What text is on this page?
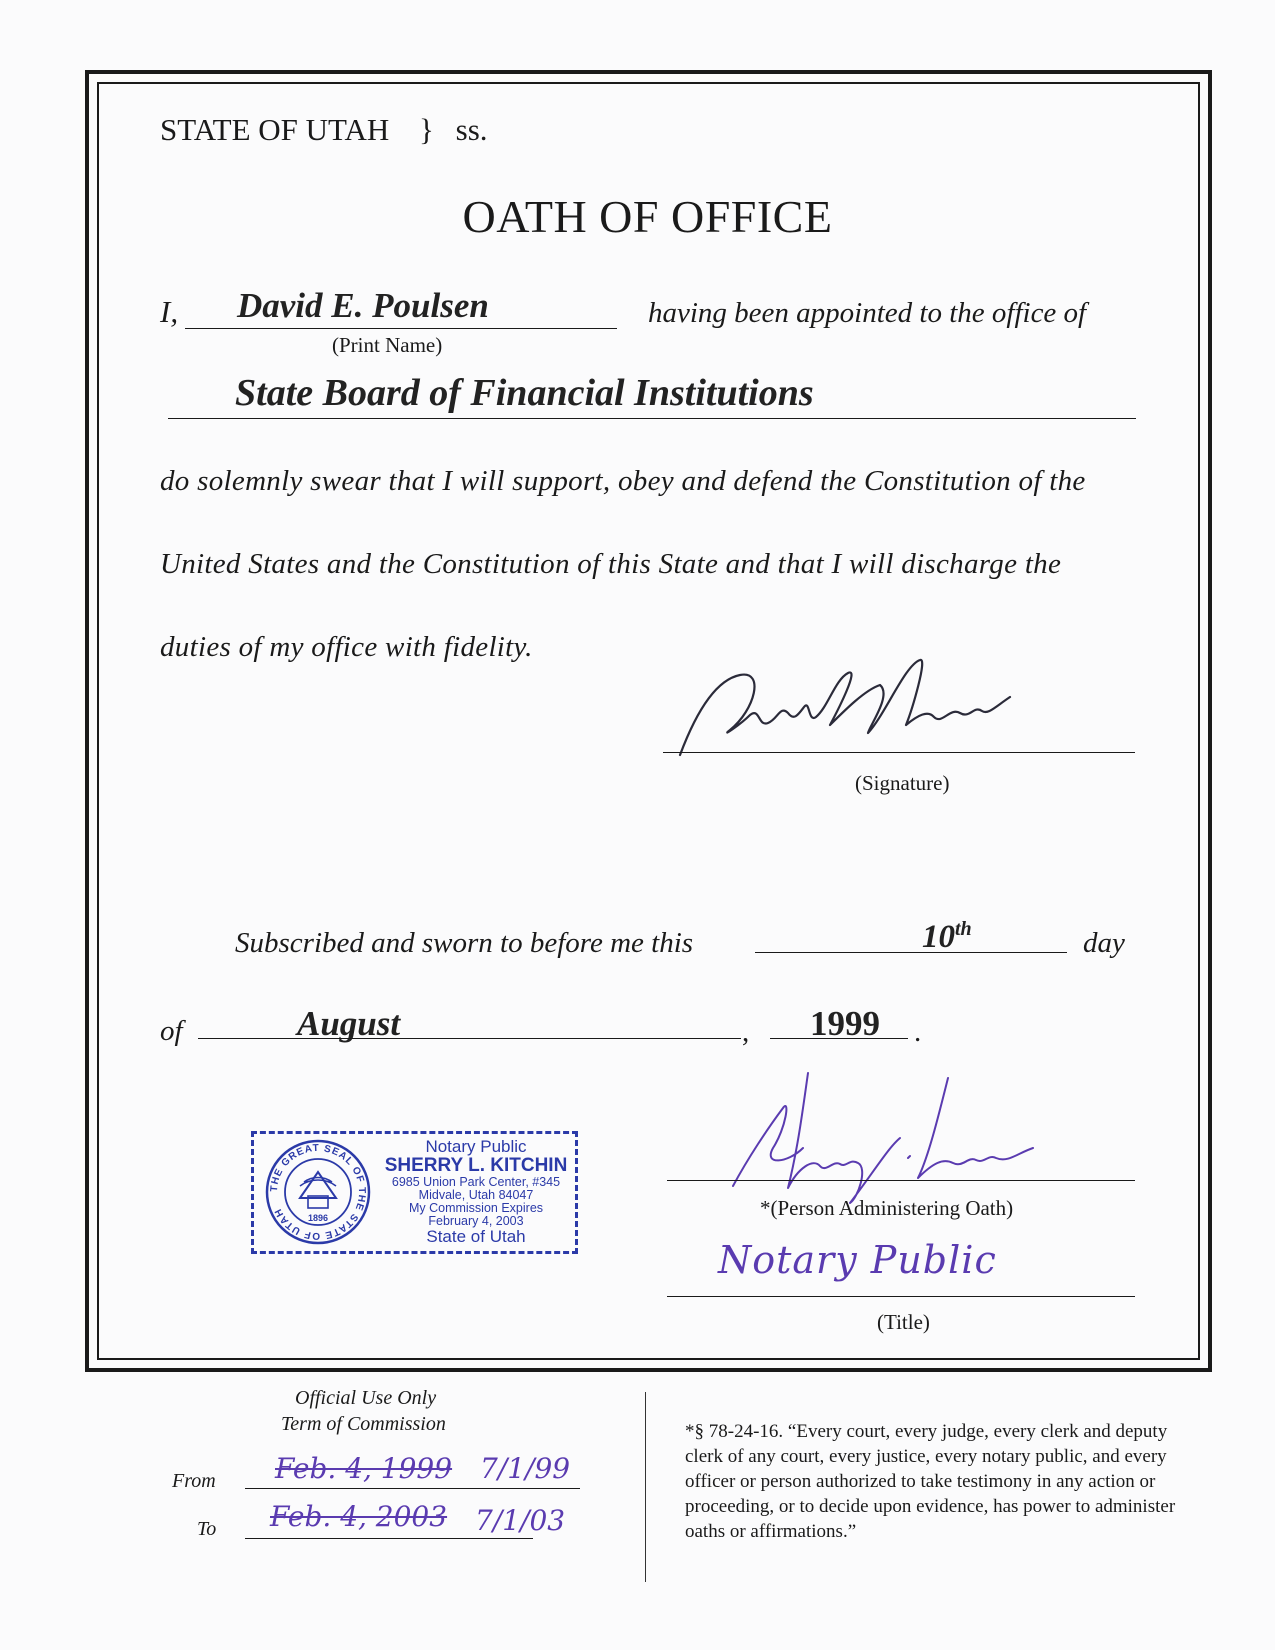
STATE OF UTAH } ss.
OATH OF OFFICE
I, David E. Poulsen
(Print Name)
having been appointed to the office of
State Board of Financial Institutions
do solemnly swear that I will support, obey and defend the Constitution of the
United States and the Constitution of this State and that I will discharge the
duties of my office with fidelity.
(Signature)
Subscribed and sworn to before me this	10th	day
of	August	, 1999 .
THE GREAT SEAL OF THE STATE OF UTAH	1896
Notary Public
SHERRY L. KITCHIN
6985 Union Park Center, #345
Midvale, Utah 84047
My Commission Expires
February 4, 2003
State of Utah
*(Person Administering Oath)
Notary Public
(Title)
Official Use Only
Term of Commission
From Feb. 4, 1999 7/1/99
To Feb. 4, 2003 7/1/03
*§ 78-24-16. “Every court, every judge, every clerk and deputy clerk of any court, every justice, every notary public, and every officer or person authorized to take testimony in any action or proceeding, or to decide upon evidence, has power to administer oaths or affirmations.”
